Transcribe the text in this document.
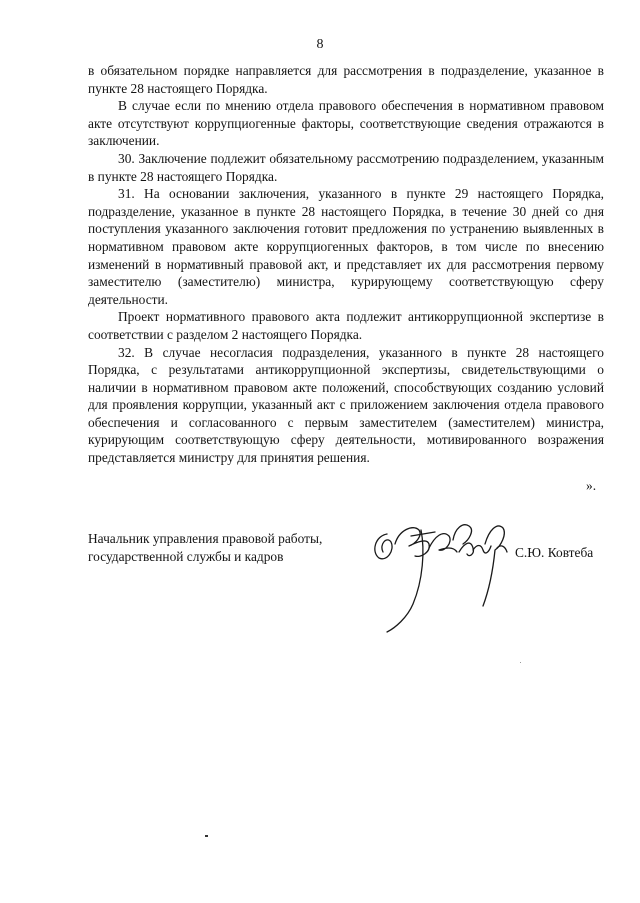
8

в обязательном порядке направляется для рассмотрения в подразделение, указанное в пункте 28 настоящего Порядка.

В случае если по мнению отдела правового обеспечения в нормативном правовом акте отсутствуют коррупциогенные факторы, соответствующие сведения отражаются в заключении.

30. Заключение подлежит обязательному рассмотрению подразделением, указанным в пункте 28 настоящего Порядка.

31. На основании заключения, указанного в пункте 29 настоящего Порядка, подразделение, указанное в пункте 28 настоящего Порядка, в течение 30 дней со дня поступления указанного заключения готовит предложения по устранению выявленных в нормативном правовом акте коррупциогенных факторов, в том числе по внесению изменений в нормативный правовой акт, и представляет их для рассмотрения первому заместителю (заместителю) министра, курирующему соответствующую сферу деятельности.

Проект нормативного правового акта подлежит антикоррупционной экспертизе в соответствии с разделом 2 настоящего Порядка.

32. В случае несогласия подразделения, указанного в пункте 28 настоящего Порядка, с результатами антикоррупционной экспертизы, свидетельствующими о наличии в нормативном правовом акте положений, способствующих созданию условий для проявления коррупции, указанный акт с приложением заключения отдела правового обеспечения и согласованного с первым заместителем (заместителем) министра, курирующим соответствующую сферу деятельности, мотивированного возражения представляется министру для принятия решения.

».
Начальник управления правовой работы,
государственной службы и кадров	С.Ю. Ковтеба
